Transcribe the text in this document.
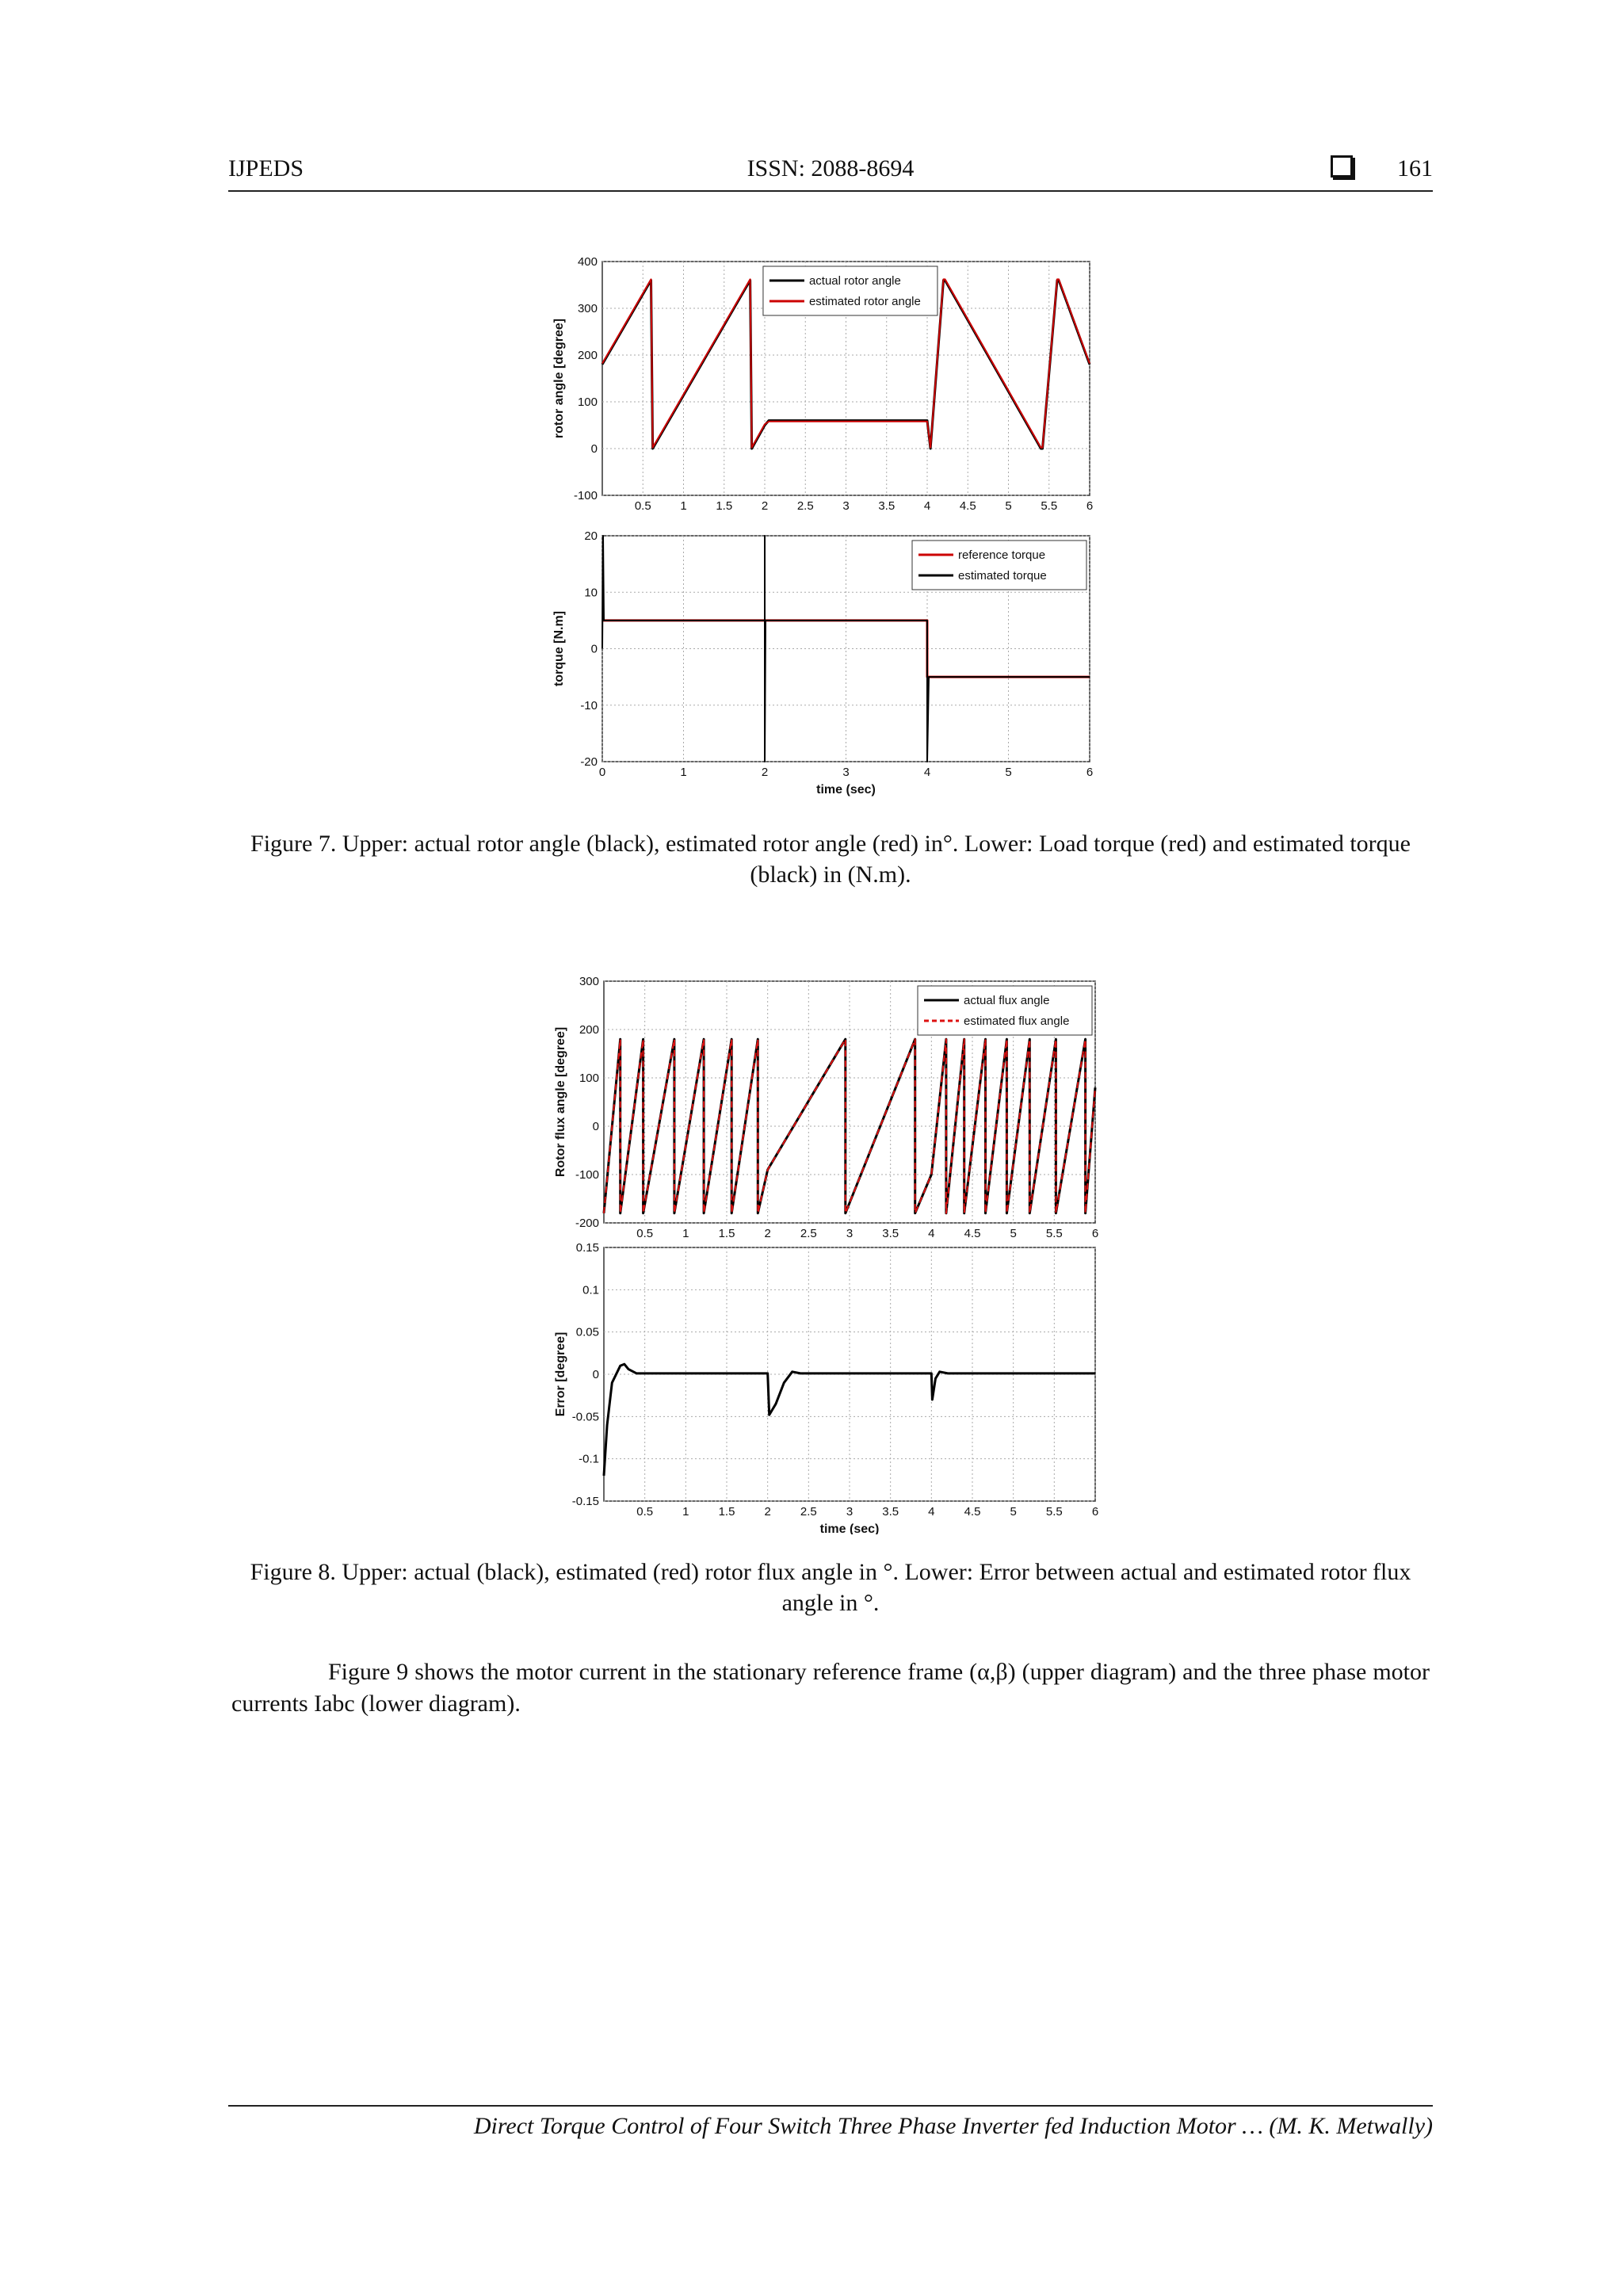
IJPEDS	ISSN: 2088-8694	161
0.5 1 1.5 2 2.5 3 3.5 4 4.5 5 5.5 6
-100
0
100
200
300
400
rotor angle [degree]
actual rotor angle
estimated rotor angle
0	1	2	3	4	5	6
-20
-10
0
10
20
torque [N.m]
time (sec)
reference torque
estimated torque
Figure 7. Upper: actual rotor angle (black), estimated rotor angle (red) in°. Lower: Load torque (red) and estimated torque (black) in (N.m).
0.5 1 1.5 2 2.5 3 3.5 4 4.5 5 5.5 6
-200
-100
0
100
200
300
Rotor flux angle [degree]
actual flux angle
estimated flux angle
0.5 1 1.5 2 2.5 3 3.5 4 4.5 5 5.5 6
-0.15
-0.1
-0.05
0
0.05
0.1
0.15
Error [degree]
time (sec)
Figure 8. Upper: actual (black), estimated (red) rotor flux angle in °. Lower: Error between actual and estimated rotor flux angle in °.
Figure 9 shows the motor current in the stationary reference frame (α,β) (upper diagram) and the three phase motor currents Iabc (lower diagram).
Direct Torque Control of Four Switch Three Phase Inverter fed Induction Motor … (M. K. Metwally)
